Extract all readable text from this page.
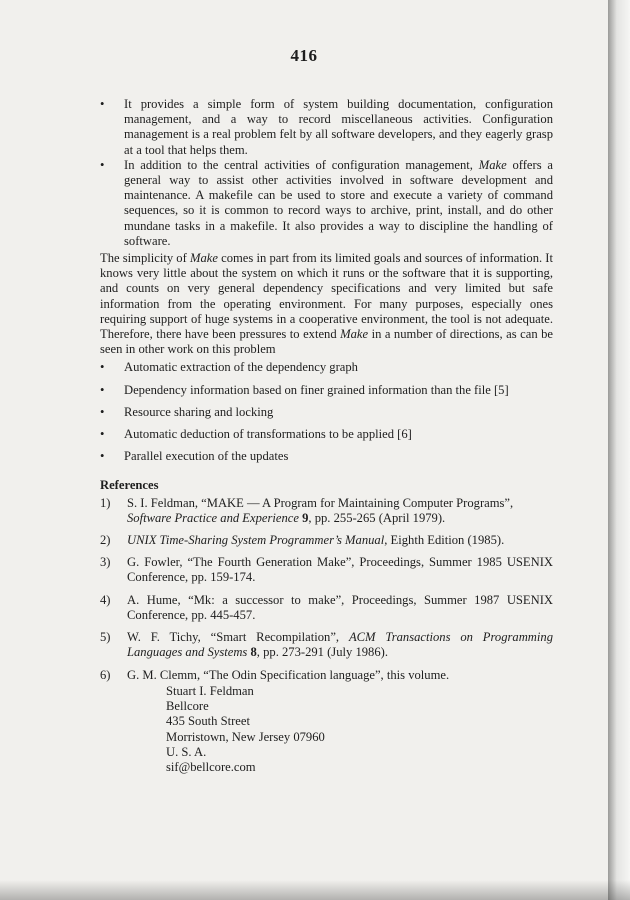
416
•	It provides a simple form of system building documentation, configuration management, and a way to record miscellaneous activities. Configuration management is a real problem felt by all software developers, and they eagerly grasp at a tool that helps them.
•	In addition to the central activities of configuration management, Make offers a general way to assist other activities involved in software development and maintenance. A makefile can be used to store and execute a variety of command sequences, so it is common to record ways to archive, print, install, and do other mundane tasks in a makefile. It also provides a way to discipline the handling of software.
The simplicity of Make comes in part from its limited goals and sources of information. It knows very little about the system on which it runs or the software that it is supporting, and counts on very general dependency specifications and very limited but safe information from the operating environment. For many purposes, especially ones requiring support of huge systems in a cooperative environment, the tool is not adequate. Therefore, there have been pressures to extend Make in a number of directions, as can be seen in other work on this problem
•	Automatic extraction of the dependency graph
•	Dependency information based on finer grained information than the file [5]
•	Resource sharing and locking
•	Automatic deduction of transformations to be applied [6]
•	Parallel execution of the updates
References
1) S. I. Feldman, “MAKE — A Program for Maintaining Computer Programs”, Software Practice and Experience 9, pp. 255-265 (April 1979).
2) UNIX Time-Sharing System Programmer’s Manual, Eighth Edition (1985).
3) G. Fowler, “The Fourth Generation Make”, Proceedings, Summer 1985 USENIX Conference, pp. 159-174.
4) A. Hume, “Mk: a successor to make”, Proceedings, Summer 1987 USENIX Conference, pp. 445-457.
5) W. F. Tichy, “Smart Recompilation”, ACM Transactions on Programming Languages and Systems 8, pp. 273-291 (July 1986).
6) G. M. Clemm, “The Odin Specification language”, this volume.
Stuart I. Feldman
Bellcore
435 South Street
Morristown, New Jersey 07960
U. S. A.
sif@bellcore.com
